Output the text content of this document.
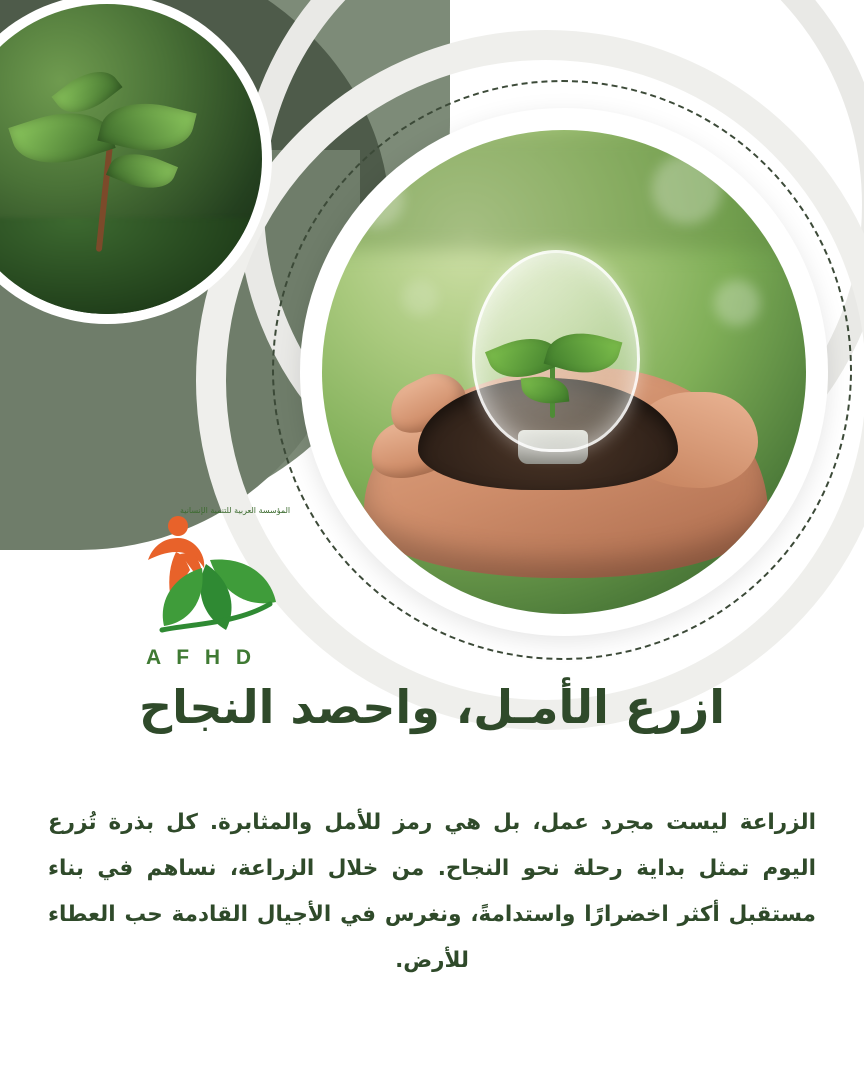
المؤسسة العربية للتنمية الإنسانية
A F H D
ازرع الأمـل، واحصد النجاح
الزراعة ليست مجرد عمل، بل هي رمز للأمل والمثابرة. كل بذرة تُزرع اليوم تمثل بداية رحلة نحو النجاح. من خلال الزراعة، نساهم في بناء مستقبل أكثر اخضرارًا واستدامةً، ونغرس في الأجيال القادمة حب العطاء للأرض.
